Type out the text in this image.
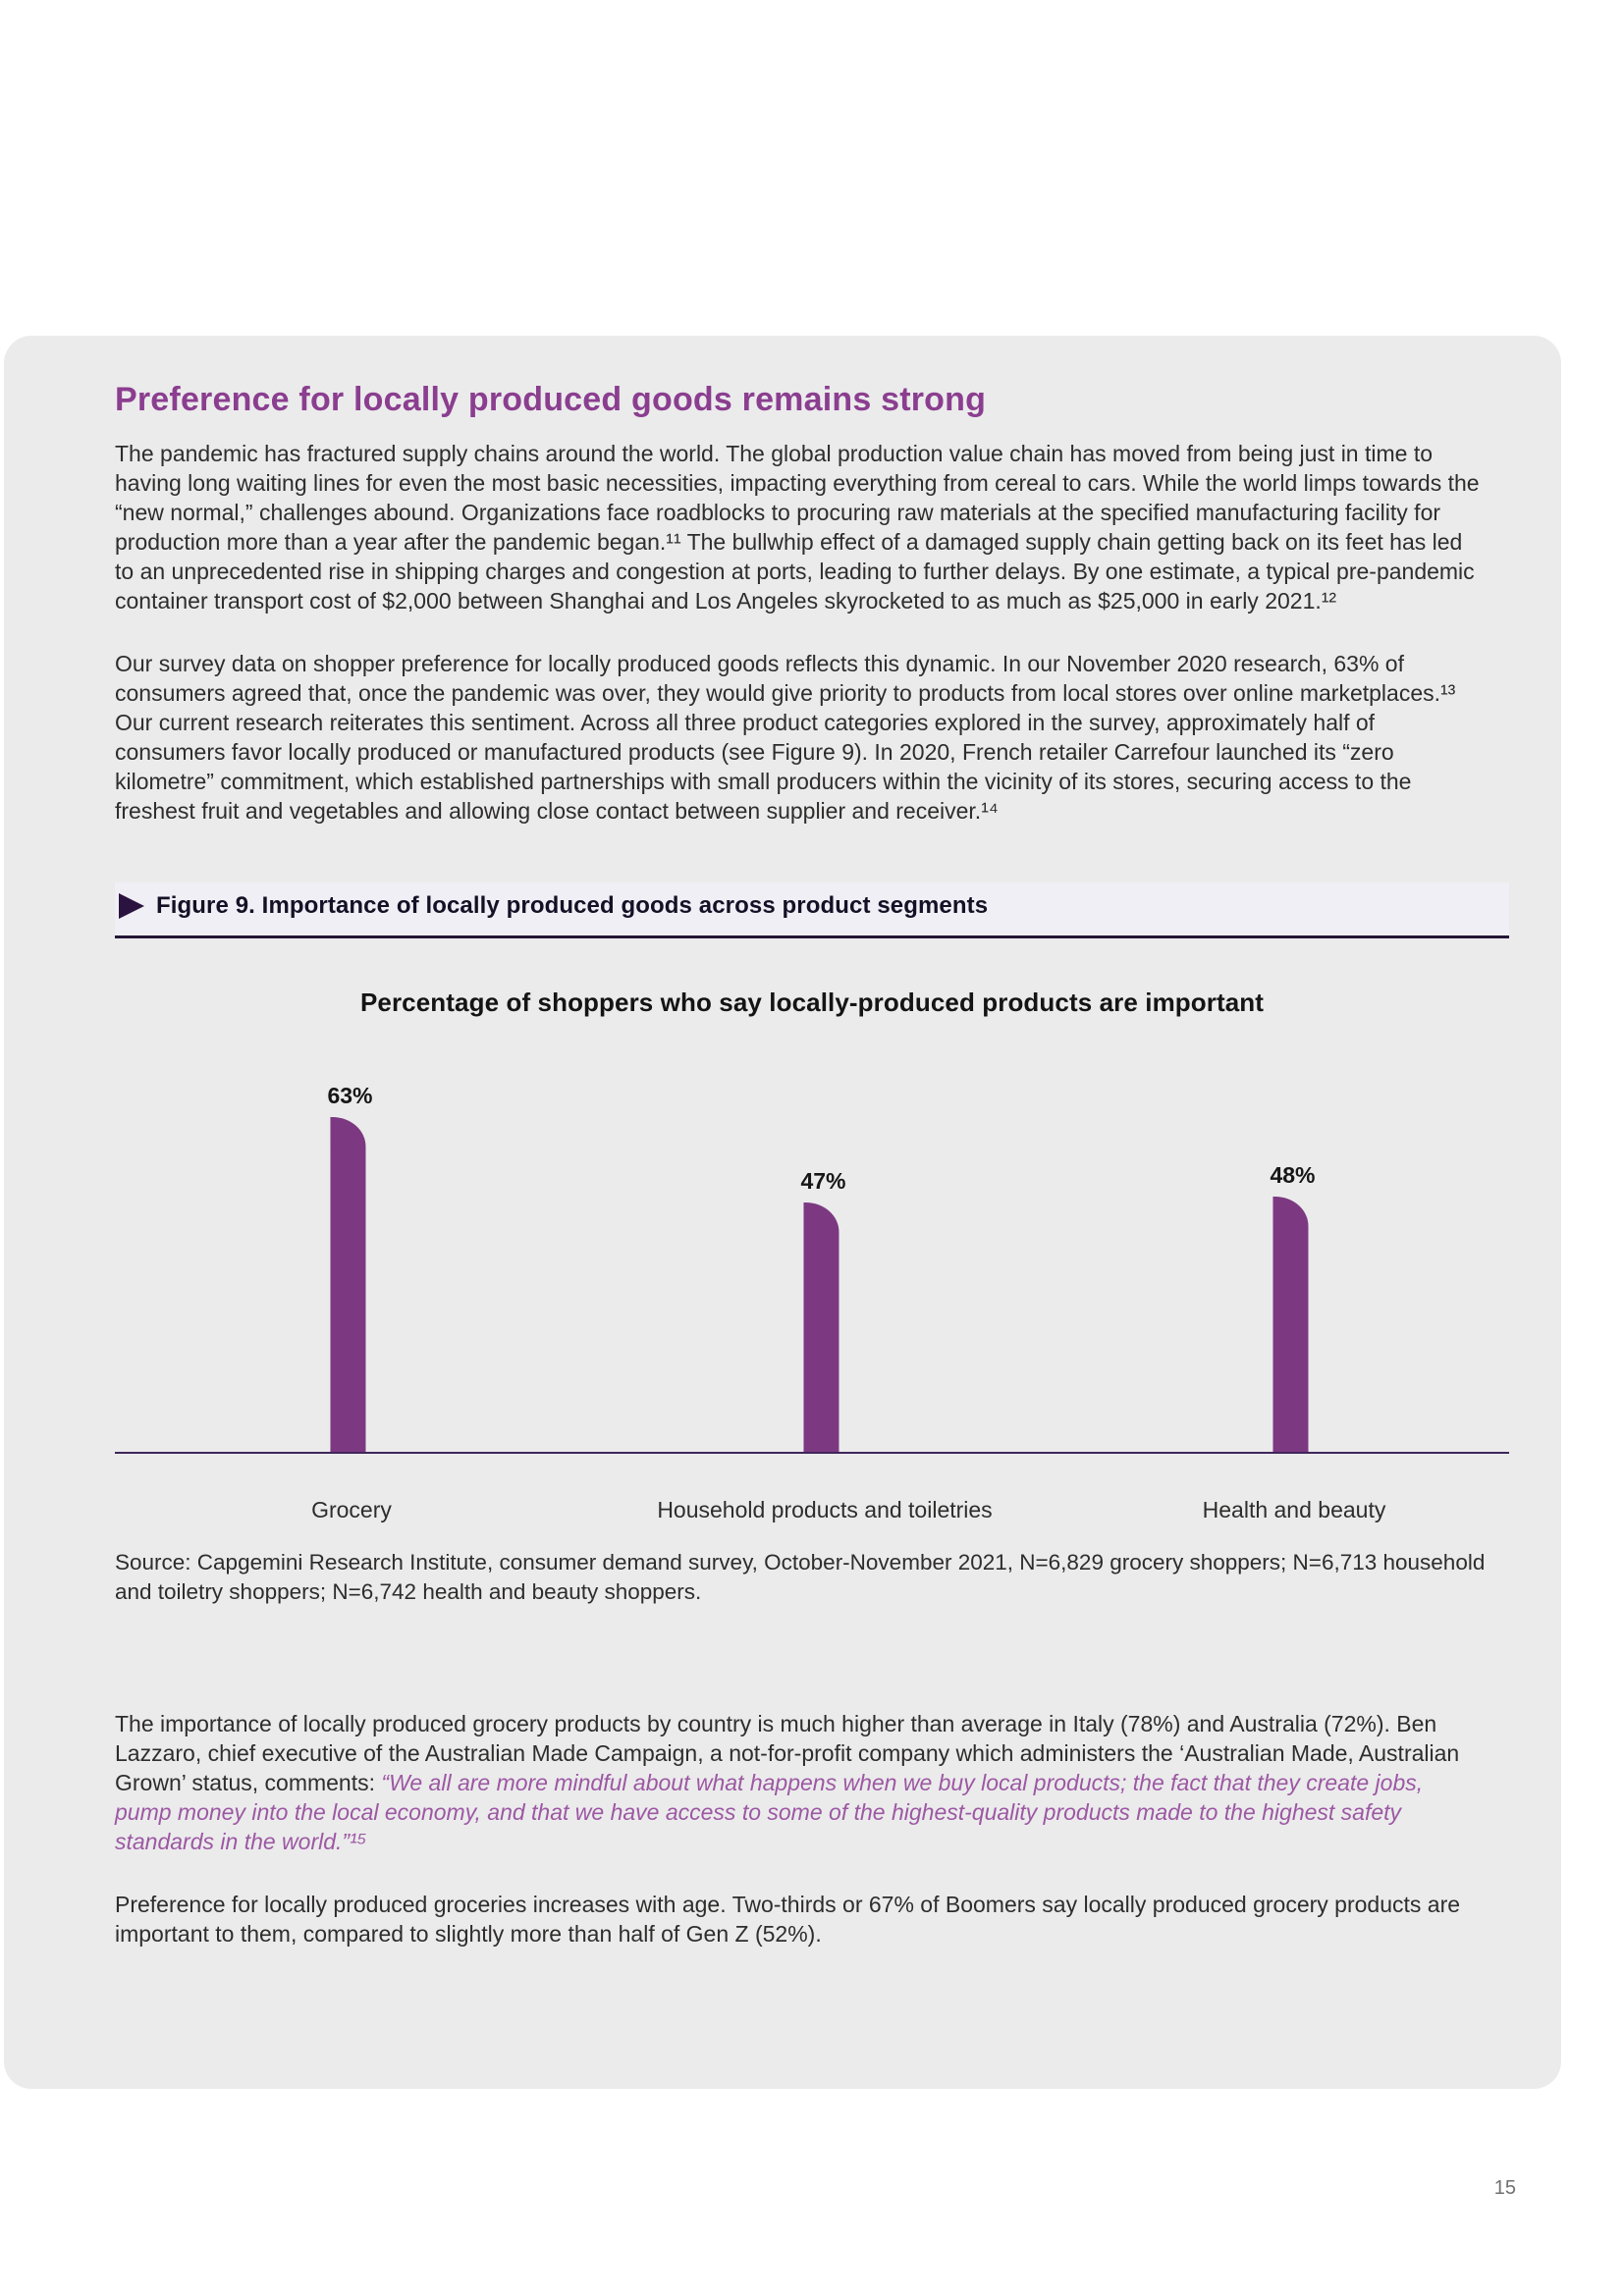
Preference for locally produced goods remains strong

The pandemic has fractured supply chains around the world. The global production value chain has moved from being just in time to having long waiting lines for even the most basic necessities, impacting everything from cereal to cars. While the world limps towards the “new normal,” challenges abound. Organizations face roadblocks to procuring raw materials at the specified manufacturing facility for production more than a year after the pandemic began.¹¹ The bullwhip effect of a damaged supply chain getting back on its feet has led to an unprecedented rise in shipping charges and congestion at ports, leading to further delays. By one estimate, a typical pre-pandemic container transport cost of $2,000 between Shanghai and Los Angeles skyrocketed to as much as $25,000 in early 2021.¹²

Our survey data on shopper preference for locally produced goods reflects this dynamic. In our November 2020 research, 63% of consumers agreed that, once the pandemic was over, they would give priority to products from local stores over online marketplaces.¹³ Our current research reiterates this sentiment. Across all three product categories explored in the survey, approximately half of consumers favor locally produced or manufactured products (see Figure 9). In 2020, French retailer Carrefour launched its “zero kilometre” commitment, which established partnerships with small producers within the vicinity of its stores, securing access to the freshest fruit and vegetables and allowing close contact between supplier and receiver.¹⁴

Figure 9. Importance of locally produced goods across product segments
Percentage of shoppers who say locally-produced products are important
63%
Grocery
47%
Household products and toiletries
48%
Health and beauty

Source: Capgemini Research Institute, consumer demand survey, October-November 2021, N=6,829 grocery shoppers; N=6,713 household and toiletry shoppers; N=6,742 health and beauty shoppers.

The importance of locally produced grocery products by country is much higher than average in Italy (78%) and Australia (72%). Ben Lazzaro, chief executive of the Australian Made Campaign, a not-for-profit company which administers the ‘Australian Made, Australian Grown’ status, comments: “We all are more mindful about what happens when we buy local products; the fact that they create jobs, pump money into the local economy, and that we have access to some of the highest-quality products made to the highest safety standards in the world.”¹⁵

Preference for locally produced groceries increases with age. Two-thirds or 67% of Boomers say locally produced grocery products are important to them, compared to slightly more than half of Gen Z (52%).

15
